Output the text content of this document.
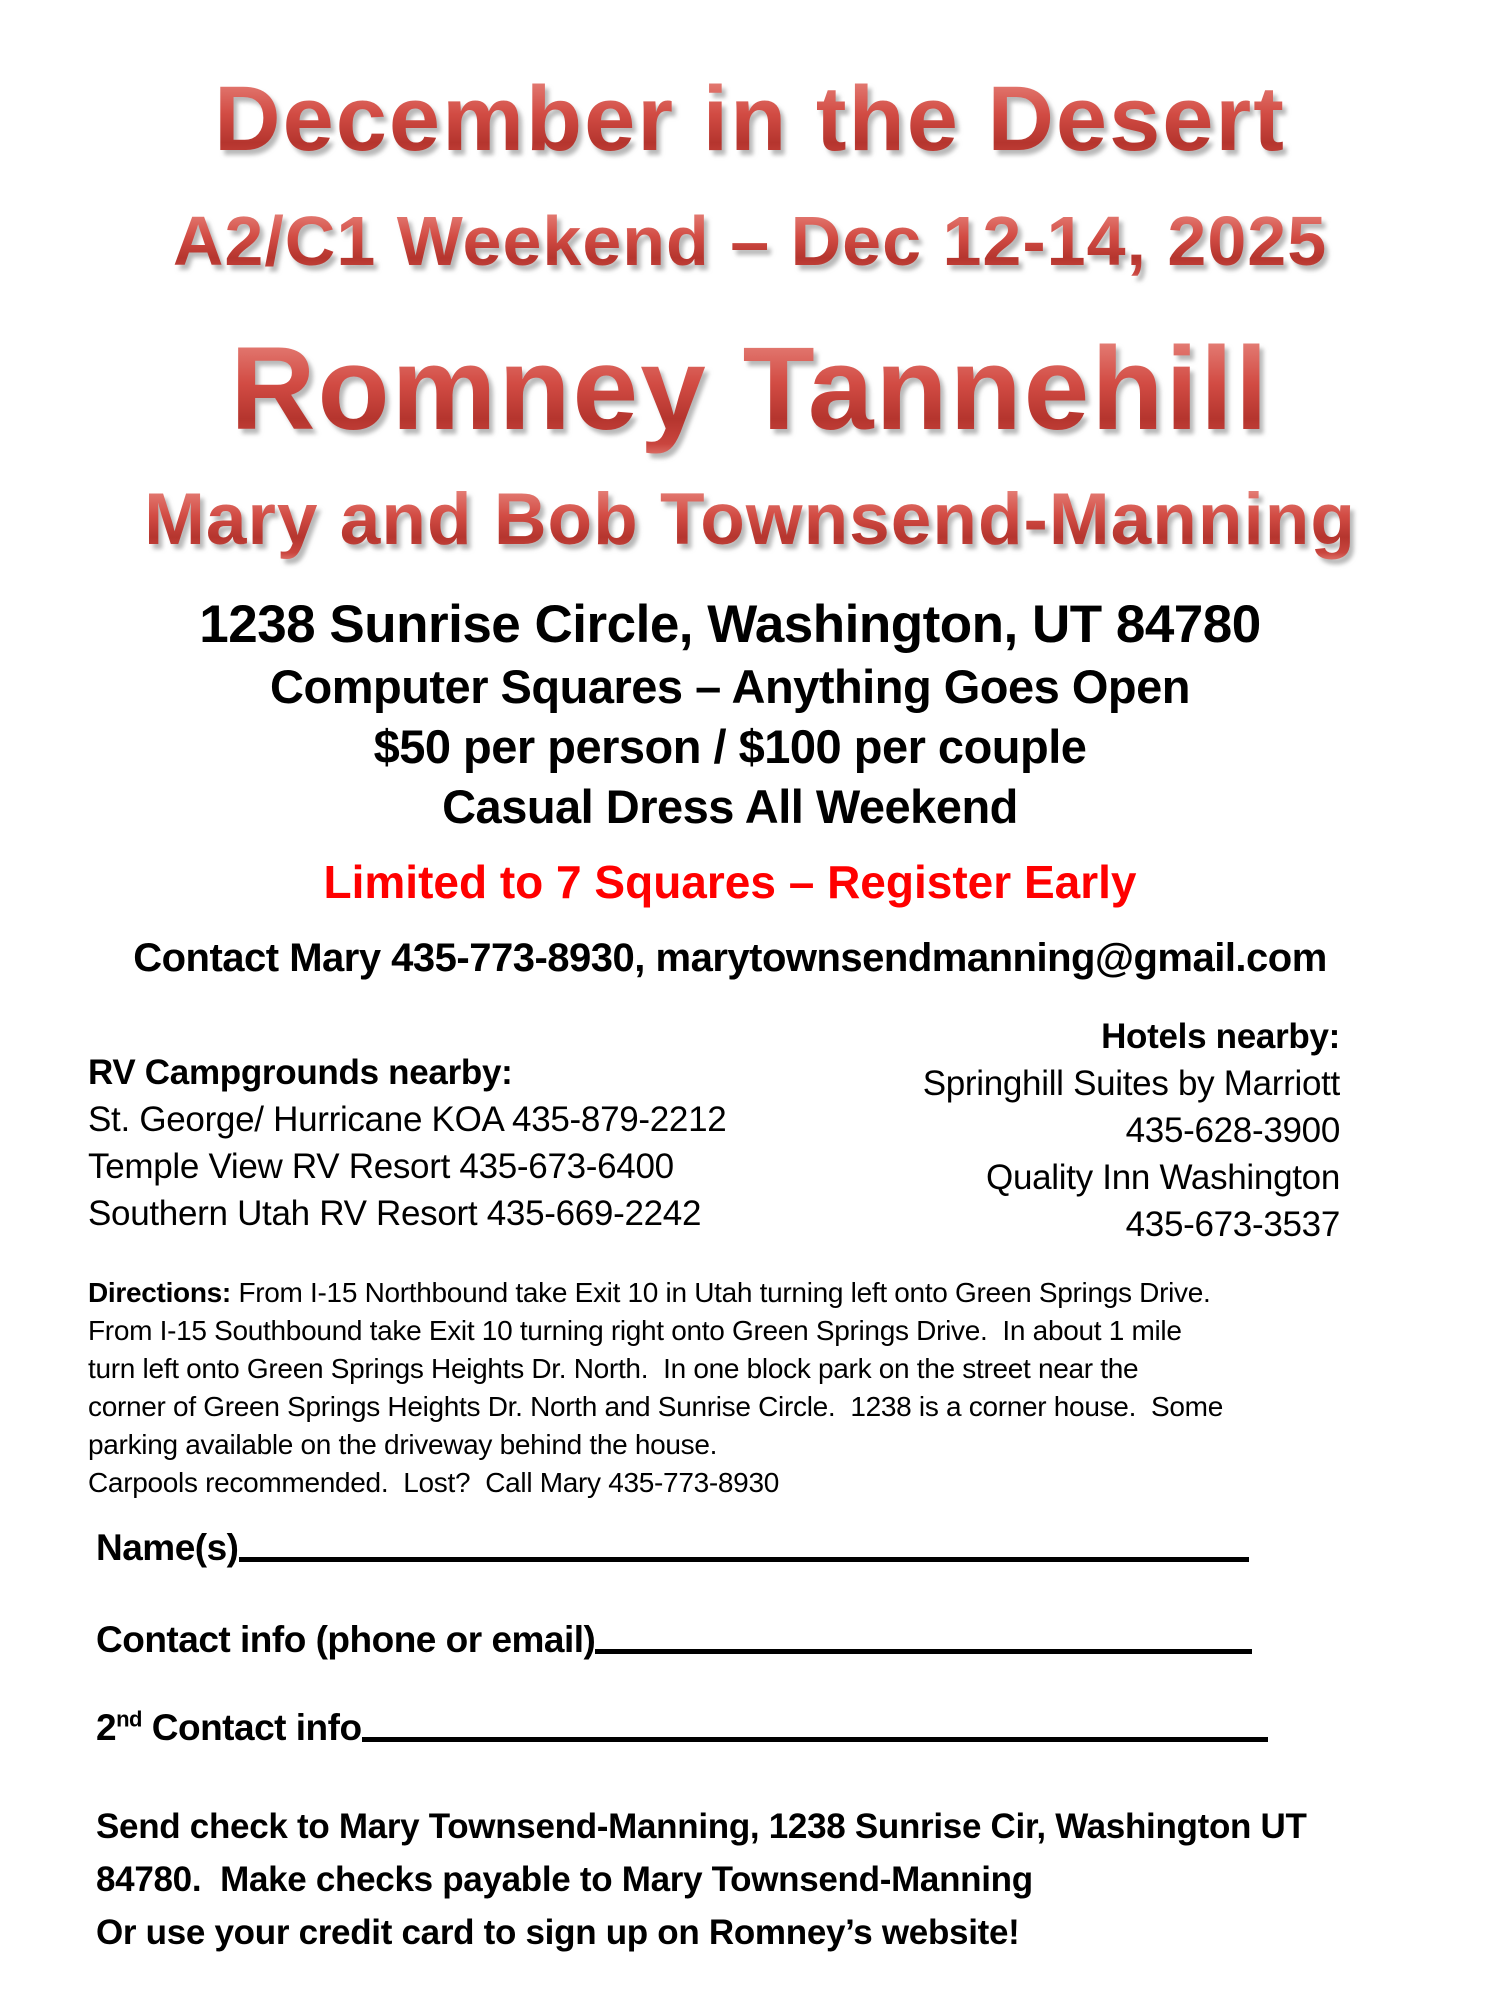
December in the Desert
A2/C1 Weekend – Dec 12-14, 2025
Romney Tannehill
Mary and Bob Townsend-Manning
1238 Sunrise Circle, Washington, UT 84780
Computer Squares – Anything Goes Open
$50 per person / $100 per couple
Casual Dress All Weekend
Limited to 7 Squares – Register Early
Contact Mary 435-773-8930, marytownsendmanning@gmail.com
RV Campgrounds nearby:
St. George/ Hurricane KOA 435-879-2212
Temple View RV Resort 435-673-6400
Southern Utah RV Resort 435-669-2242
Hotels nearby:
Springhill Suites by Marriott
435-628-3900
Quality Inn Washington
435-673-3537
Directions: From I-15 Northbound take Exit 10 in Utah turning left onto Green Springs Drive.
From I-15 Southbound take Exit 10 turning right onto Green Springs Drive.  In about 1 mile
turn left onto Green Springs Heights Dr. North.  In one block park on the street near the
corner of Green Springs Heights Dr. North and Sunrise Circle.  1238 is a corner house.  Some
parking available on the driveway behind the house.
Carpools recommended.  Lost?  Call Mary 435-773-8930
Name(s)
Contact info (phone or email)
2nd Contact info
Send check to Mary Townsend-Manning, 1238 Sunrise Cir, Washington UT
84780.  Make checks payable to Mary Townsend-Manning
Or use your credit card to sign up on Romney’s website!
